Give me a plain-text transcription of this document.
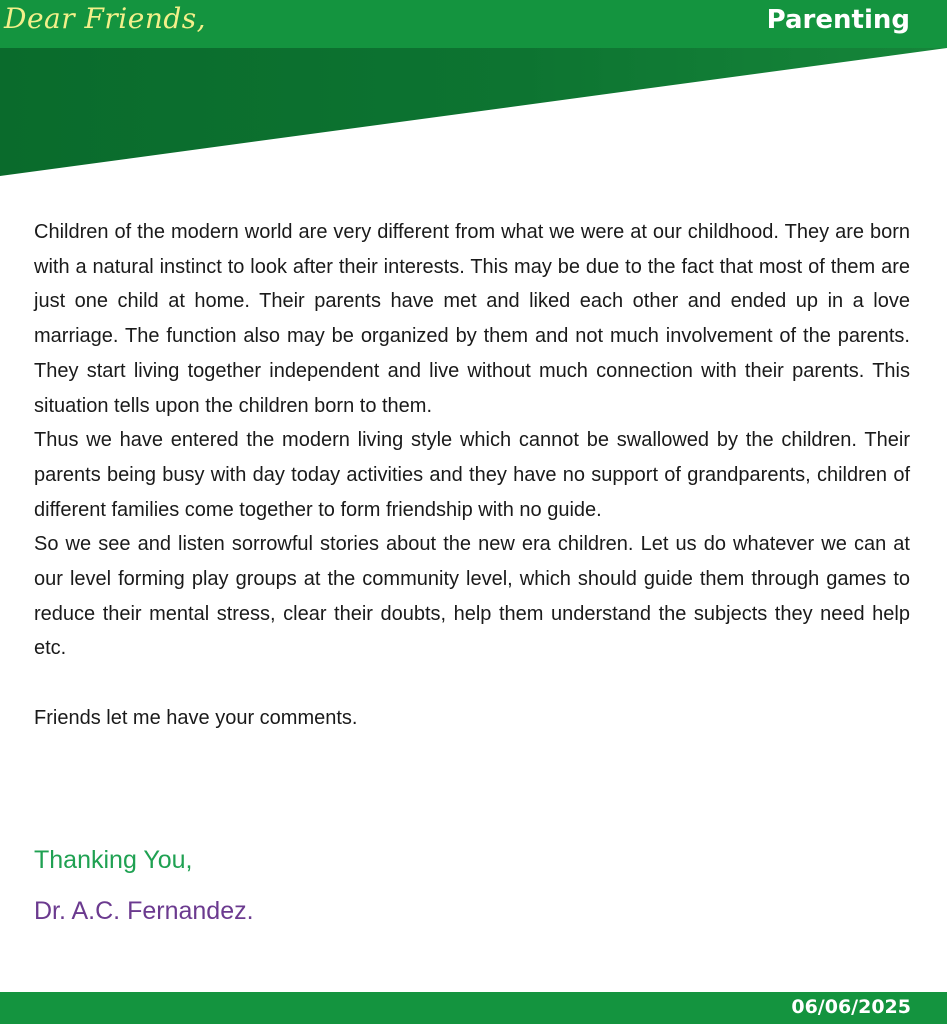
Dear Friends,	Parenting

Children of the modern world are very different from what we were at our childhood. They are born with a natural instinct to look after their interests. This may be due to the fact that most of them are just one child at home. Their parents have met and liked each other and ended up in a love marriage. The function also may be organized by them and not much involvement of the parents. They start living together independent and live without much connection with their parents. This situation tells upon the children born to them.

Thus we have entered the modern living style which cannot be swallowed by the children. Their parents being busy with day today activities and they have no support of grandparents, children of different families come together to form friendship with no guide.

So we see and listen sorrowful stories about the new era children. Let us do whatever we can at our level forming play groups at the community level, which should guide them through games to reduce their mental stress, clear their doubts, help them understand the subjects they need help etc.

Friends let me have your comments.

Thanking You,
Dr. A.C. Fernandez.
06/06/2025
